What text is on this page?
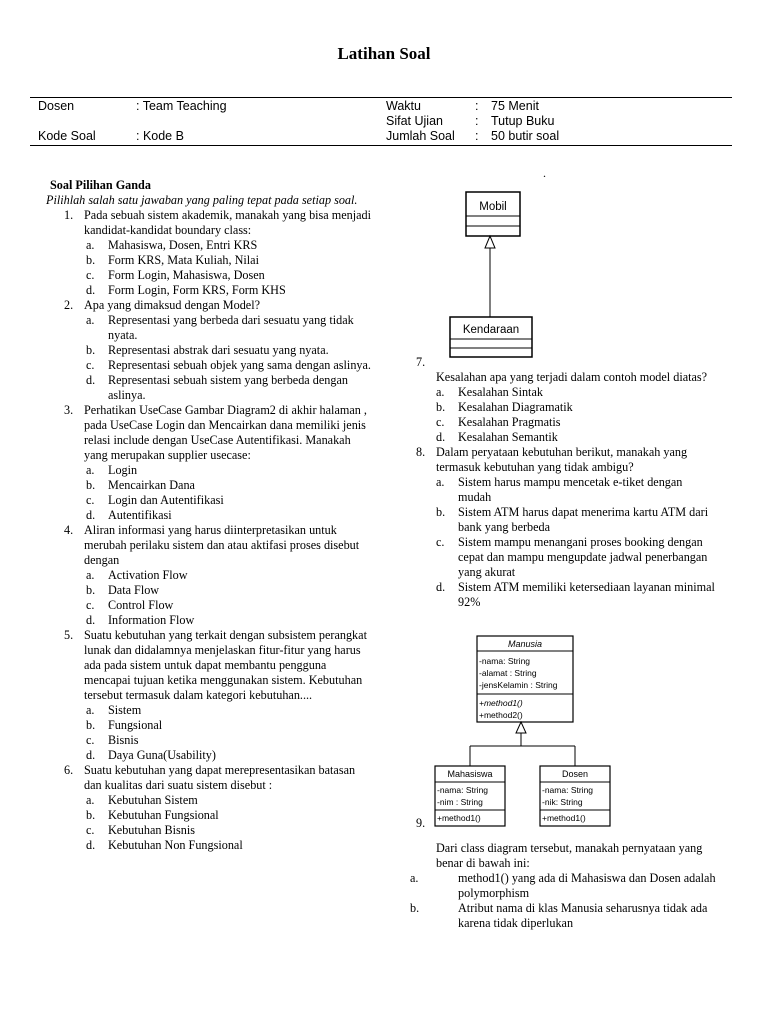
Latihan Soal
Dosen	: Team Teaching
Kode Soal	: Kode B
Waktu	: 75 Menit
Sifat Ujian	: Tutup Buku
Jumlah Soal : 50 butir soal
Soal Pilihan Ganda
Pilihlah salah satu jawaban yang paling tepat pada setiap soal.
1. Pada sebuah sistem akademik, manakah yang bisa menjadi kandidat-kandidat boundary class:
a. Mahasiswa, Dosen, Entri KRS
b. Form KRS, Mata Kuliah, Nilai
c. Form Login, Mahasiswa, Dosen
d. Form Login, Form KRS, Form KHS
2. Apa yang dimaksud dengan Model?
a. Representasi yang berbeda dari sesuatu yang tidak nyata.
b. Representasi abstrak dari sesuatu yang nyata.
c. Representasi sebuah objek yang sama dengan aslinya.
d. Representasi sebuah sistem yang berbeda dengan aslinya.
3. Perhatikan UseCase Gambar Diagram2 di akhir halaman , pada UseCase Login dan Mencairkan dana memiliki jenis relasi include dengan UseCase Autentifikasi. Manakah yang merupakan supplier usecase:
a. Login
b. Mencairkan Dana
c. Login dan Autentifikasi
d. Autentifikasi
4. Aliran informasi yang harus diinterpretasikan untuk merubah perilaku sistem dan atau aktifasi proses disebut dengan
a. Activation Flow
b. Data Flow
c. Control Flow
d. Information Flow
5. Suatu kebutuhan yang terkait dengan subsistem perangkat lunak dan didalamnya menjelaskan fitur-fitur yang harus ada pada sistem untuk dapat membantu pengguna mencapai tujuan ketika menggunakan sistem. Kebutuhan tersebut termasuk dalam kategori kebutuhan....
a. Sistem
b. Fungsional
c. Bisnis
d. Daya Guna(Usability)
6. Suatu kebutuhan yang dapat merepresentasikan batasan dan kualitas dari suatu sistem disebut :
a. Kebutuhan Sistem
b. Kebutuhan Fungsional
c. Kebutuhan Bisnis
d. Kebutuhan Non Fungsional
.
Mobil
Kendaraan
7.
Kesalahan apa yang terjadi dalam contoh model diatas?
a. Kesalahan Sintak
b. Kesalahan Diagramatik
c. Kesalahan Pragmatis
d. Kesalahan Semantik
8. Dalam peryataan kebutuhan berikut, manakah yang termasuk kebutuhan yang tidak ambigu?
a. Sistem harus mampu mencetak e-tiket dengan mudah
b. Sistem ATM harus dapat menerima kartu ATM dari bank yang berbeda
c. Sistem mampu menangani proses booking dengan cepat dan mampu mengupdate jadwal penerbangan yang akurat
d. Sistem ATM memiliki ketersediaan layanan minimal 92%
Manusia
-nama: String
-alamat : String
-jensKelamin : String
+method1()
+method2()
Mahasiswa
-nama: String
-nim : String
+method1()
Dosen
-nama: String
-nik: String
+method1()
9.
Dari class diagram tersebut, manakah pernyataan yang benar di bawah ini:
a.	method1() yang ada di Mahasiswa dan Dosen adalah polymorphism
b.	Atribut nama di klas Manusia seharusnya tidak ada karena tidak diperlukan
